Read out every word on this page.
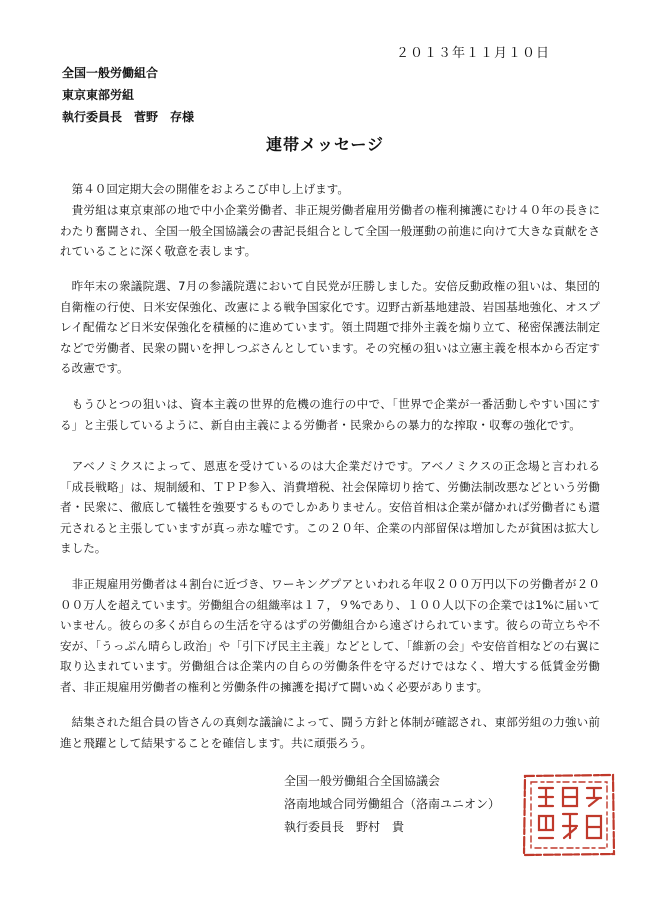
２０１３年１１月１０日
全国一般労働組合
東京東部労組
執行委員長　菅野　存様
連帯メッセージ
第４０回定期大会の開催をおよろこび申し上げます。
貴労組は東京東部の地で中小企業労働者、非正規労働者雇用労働者の権利擁護にむけ４０年の長きにわたり奮闘され、全国一般全国協議会の書記長組合として全国一般運動の前進に向けて大きな貢献をされていることに深く敬意を表します。
昨年末の衆議院選、7月の参議院選において自民党が圧勝しました。安倍反動政権の狙いは、集団的自衛権の行使、日米安保強化、改憲による戦争国家化です。辺野古新基地建設、岩国基地強化、オスプレイ配備など日米安保強化を積極的に進めています。領土問題で排外主義を煽り立て、秘密保護法制定などで労働者、民衆の闘いを押しつぶさんとしています。その究極の狙いは立憲主義を根本から否定する改憲です。
もうひとつの狙いは、資本主義の世界的危機の進行の中で、「世界で企業が一番活動しやすい国にする」と主張しているように、新自由主義による労働者・民衆からの暴力的な搾取・収奪の強化です。
アベノミクスによって、恩恵を受けているのは大企業だけです。アベノミクスの正念場と言われる「成長戦略」は、規制緩和、ＴＰＰ参入、消費増税、社会保障切り捨て、労働法制改悪などという労働者・民衆に、徹底して犠牲を強要するものでしかありません。安倍首相は企業が儲かれば労働者にも還元されると主張していますが真っ赤な嘘です。この２０年、企業の内部留保は増加したが貧困は拡大しました。
非正規雇用労働者は４割台に近づき、ワーキングプアといわれる年収２００万円以下の労働者が２０００万人を超えています。労働組合の組織率は１７，９%であり、１００人以下の企業では1%に届いていません。彼らの多くが自らの生活を守るはずの労働組合から遠ざけられています。彼らの苛立ちや不安が、「うっぷん晴らし政治」や「引下げ民主主義」などとして、「維新の会」や安倍首相などの右翼に取り込まれています。労働組合は企業内の自らの労働条件を守るだけではなく、増大する低賃金労働者、非正規雇用労働者の権利と労働条件の擁護を掲げて闘いぬく必要があります。
結集された組合員の皆さんの真剣な議論によって、闘う方針と体制が確認され、東部労組の力強い前進と飛躍として結果することを確信します。共に頑張ろう。
全国一般労働組合全国協議会
洛南地域合同労働組合（洛南ユニオン）
執行委員長　野村　貴
